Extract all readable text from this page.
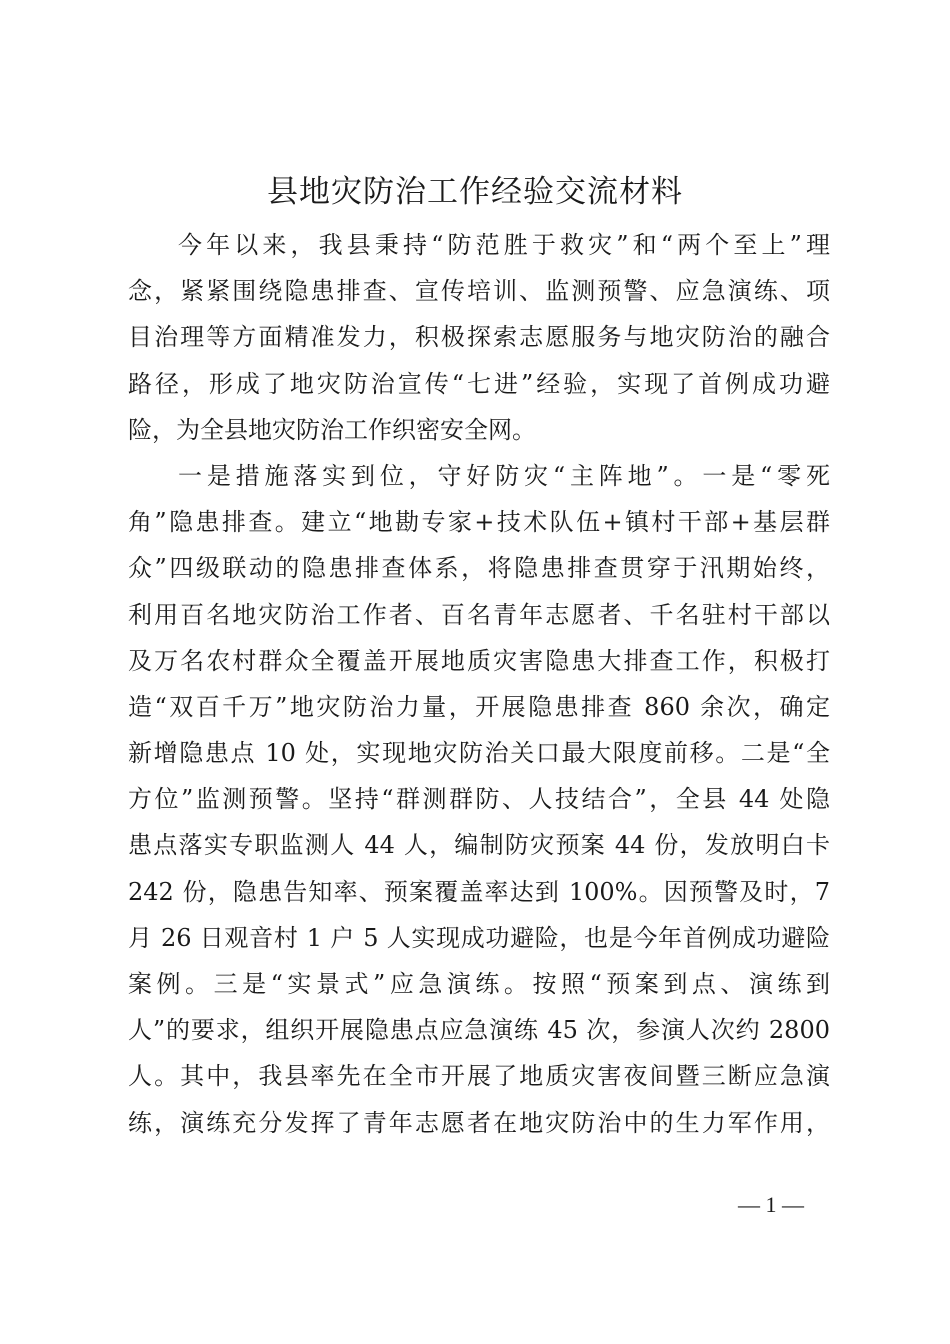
县地灾防治工作经验交流材料
今年以来，我县秉持“防范胜于救灾”和“两个至上”理
念，紧紧围绕隐患排查、宣传培训、监测预警、应急演练、项
目治理等方面精准发力，积极探索志愿服务与地灾防治的融合
路径，形成了地灾防治宣传“七进”经验，实现了首例成功避
险，为全县地灾防治工作织密安全网。
一是措施落实到位，守好防灾“主阵地”。一是“零死
角”隐患排查。建立“地勘专家+技术队伍+镇村干部+基层群
众”四级联动的隐患排查体系，将隐患排查贯穿于汛期始终，
利用百名地灾防治工作者、百名青年志愿者、千名驻村干部以
及万名农村群众全覆盖开展地质灾害隐患大排查工作，积极打
造“双百千万”地灾防治力量，开展隐患排查 860 余次，确定
新增隐患点 10 处，实现地灾防治关口最大限度前移。二是“全
方位”监测预警。坚持“群测群防、人技结合”，全县 44 处隐
患点落实专职监测人 44 人，编制防灾预案 44 份，发放明白卡
242 份，隐患告知率、预案覆盖率达到 100%。因预警及时，7
月 26 日观音村 1 户 5 人实现成功避险，也是今年首例成功避险
案例。三是“实景式”应急演练。按照“预案到点、演练到
人”的要求，组织开展隐患点应急演练 45 次，参演人次约 2800
人。其中，我县率先在全市开展了地质灾害夜间暨三断应急演
练，演练充分发挥了青年志愿者在地灾防治中的生力军作用，
— 1 —
